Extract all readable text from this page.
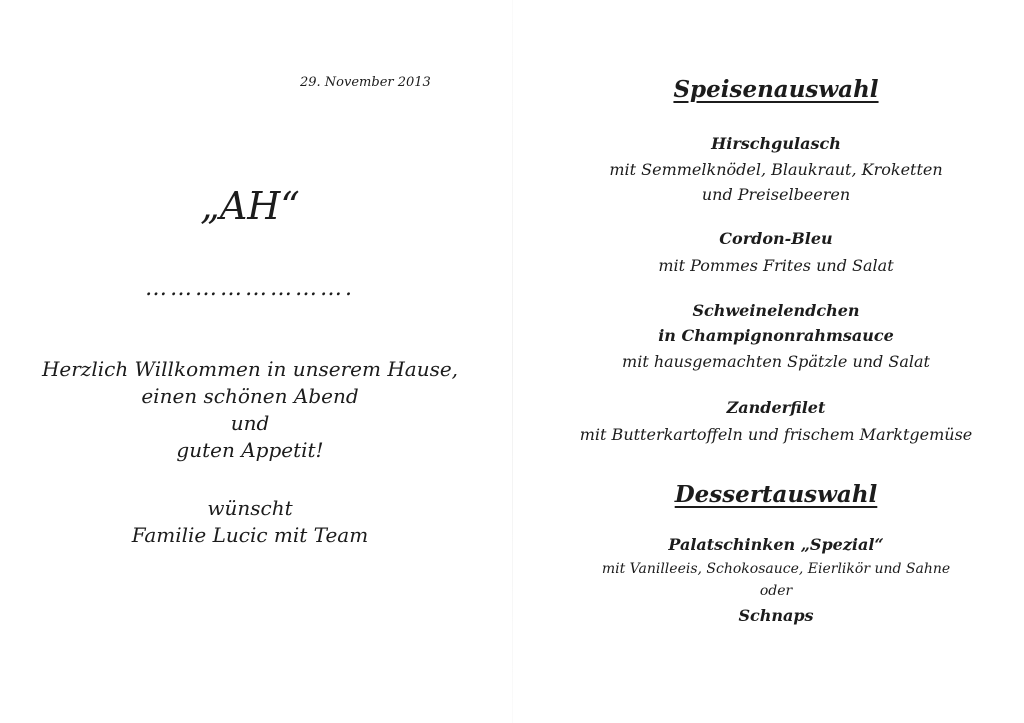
29. November 2013

„AH“

…………………….

Herzlich Willkommen in unserem Hause,

einen schönen Abend

und

guten Appetit!

wünscht

Familie Lucic mit Team

Speisenauswahl

Hirschgulasch

mit Semmelknödel, Blaukraut, Kroketten

und Preiselbeeren

Cordon-Bleu

mit Pommes Frites und Salat

Schweinelendchen

in Champignonrahmsauce

mit hausgemachten Spätzle und Salat

Zanderfilet

mit Butterkartoffeln und frischem Marktgemüse

Dessertauswahl

Palatschinken „Spezial“

mit Vanilleeis, Schokosauce, Eierlikör und Sahne

oder

Schnaps
